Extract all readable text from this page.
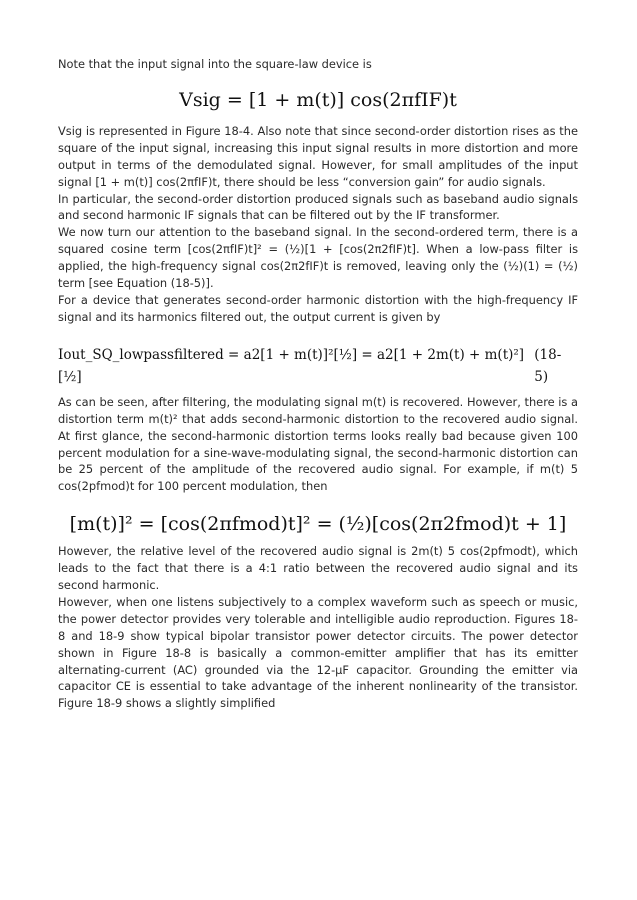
Note that the input signal into the square-law device is

Vsig = [1 + m(t)] cos(2πfIF)t

Vsig is represented in Figure 18-4. Also note that since second-order distortion rises as the square of the input signal, increasing this input signal results in more distortion and more output in terms of the demodulated signal. However, for small amplitudes of the input signal [1 + m(t)] cos(2πfIF)t, there should be less “conversion gain” for audio signals.

In particular, the second-order distortion produced signals such as baseband audio signals and second harmonic IF signals that can be filtered out by the IF transformer.

We now turn our attention to the baseband signal. In the second-ordered term, there is a squared cosine term [cos(2πfIF)t]² = (½)[1 + [cos(2π2fIF)t]. When a low-pass filter is applied, the high-frequency signal cos(2π2fIF)t is removed, leaving only the (½)(1) = (½) term [see Equation (18-5)].

For a device that generates second-order harmonic distortion with the high-frequency IF signal and its harmonics filtered out, the output current is given by

Iout_SQ_lowpassfiltered = a2[1 + m(t)]²[½] = a2[1 + 2m(t) + m(t)²][½]
(18-5)

As can be seen, after filtering, the modulating signal m(t) is recovered. However, there is a distortion term m(t)² that adds second-harmonic distortion to the recovered audio signal. At first glance, the second-harmonic distortion terms looks really bad because given 100 percent modulation for a sine-wave-modulating signal, the second-harmonic distortion can be 25 percent of the amplitude of the recovered audio signal. For example, if m(t) 5 cos(2pfmod)t for 100 percent modulation, then

[m(t)]² = [cos(2πfmod)t]² = (½)[cos(2π2fmod)t + 1]

However, the relative level of the recovered audio signal is 2m(t) 5 cos(2pfmodt), which leads to the fact that there is a 4:1 ratio between the recovered audio signal and its second harmonic.

However, when one listens subjectively to a complex waveform such as speech or music, the power detector provides very tolerable and intelligible audio reproduction. Figures 18-8 and 18-9 show typical bipolar transistor power detector circuits. The power detector shown in Figure 18-8 is basically a common-emitter amplifier that has its emitter alternating-current (AC) grounded via the 12-µF capacitor. Grounding the emitter via capacitor CE is essential to take advantage of the inherent nonlinearity of the transistor. Figure 18-9 shows a slightly simplified
